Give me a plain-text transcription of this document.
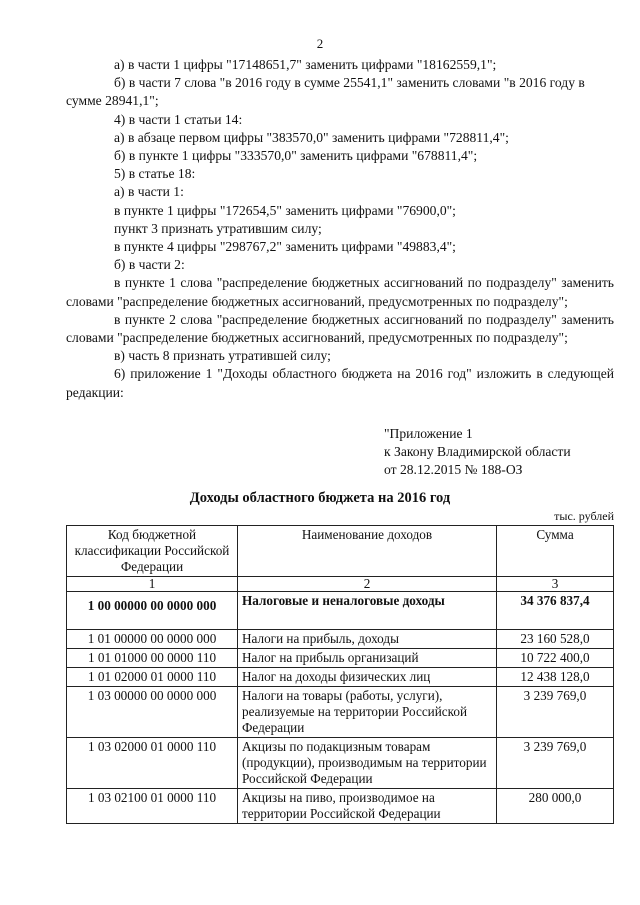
2

а) в части 1 цифры "17148651,7" заменить цифрами "18162559,1";

б) в части 7 слова "в 2016 году в сумме 25541,1" заменить словами "в 2016 году в сумме 28941,1";

4) в части 1 статьи 14:

а) в абзаце первом цифры "383570,0" заменить цифрами "728811,4";

б) в пункте 1 цифры "333570,0" заменить цифрами "678811,4";

5) в статье 18:

а) в части 1:

в пункте 1 цифры "172654,5" заменить цифрами "76900,0";

пункт 3 признать утратившим силу;

в пункте 4 цифры "298767,2" заменить цифрами "49883,4";

б) в части 2:

в пункте 1 слова "распределение бюджетных ассигнований по подразделу" заменить словами "распределение бюджетных ассигнований, предусмотренных по подразделу";

в пункте 2 слова "распределение бюджетных ассигнований по подразделу" заменить словами "распределение бюджетных ассигнований, предусмотренных по подразделу";

в) часть 8 признать утратившей силу;

6) приложение 1 "Доходы областного бюджета на 2016 год" изложить в следующей редакции:

"Приложение 1
к Закону Владимирской области
от 28.12.2015 № 188-ОЗ
Доходы областного бюджета на 2016 год
тыс. рублей
Код бюджетной классификации Российской Федерации	Наименование доходов	Сумма
1	2	3
1 00 00000 00 0000 000	Налоговые и неналоговые доходы	34 376 837,4
1 01 00000 00 0000 000	Налоги на прибыль, доходы	23 160 528,0
1 01 01000 00 0000 110	Налог на прибыль организаций	10 722 400,0
1 01 02000 01 0000 110	Налог на доходы физических лиц	12 438 128,0
1 03 00000 00 0000 000	Налоги на товары (работы, услуги), реализуемые на территории Российской Федерации	3 239 769,0
1 03 02000 01 0000 110	Акцизы по подакцизным товарам (продукции), производимым на территории Российской Федерации	3 239 769,0
1 03 02100 01 0000 110	Акцизы на пиво, производимое на территории Российской Федерации	280 000,0
